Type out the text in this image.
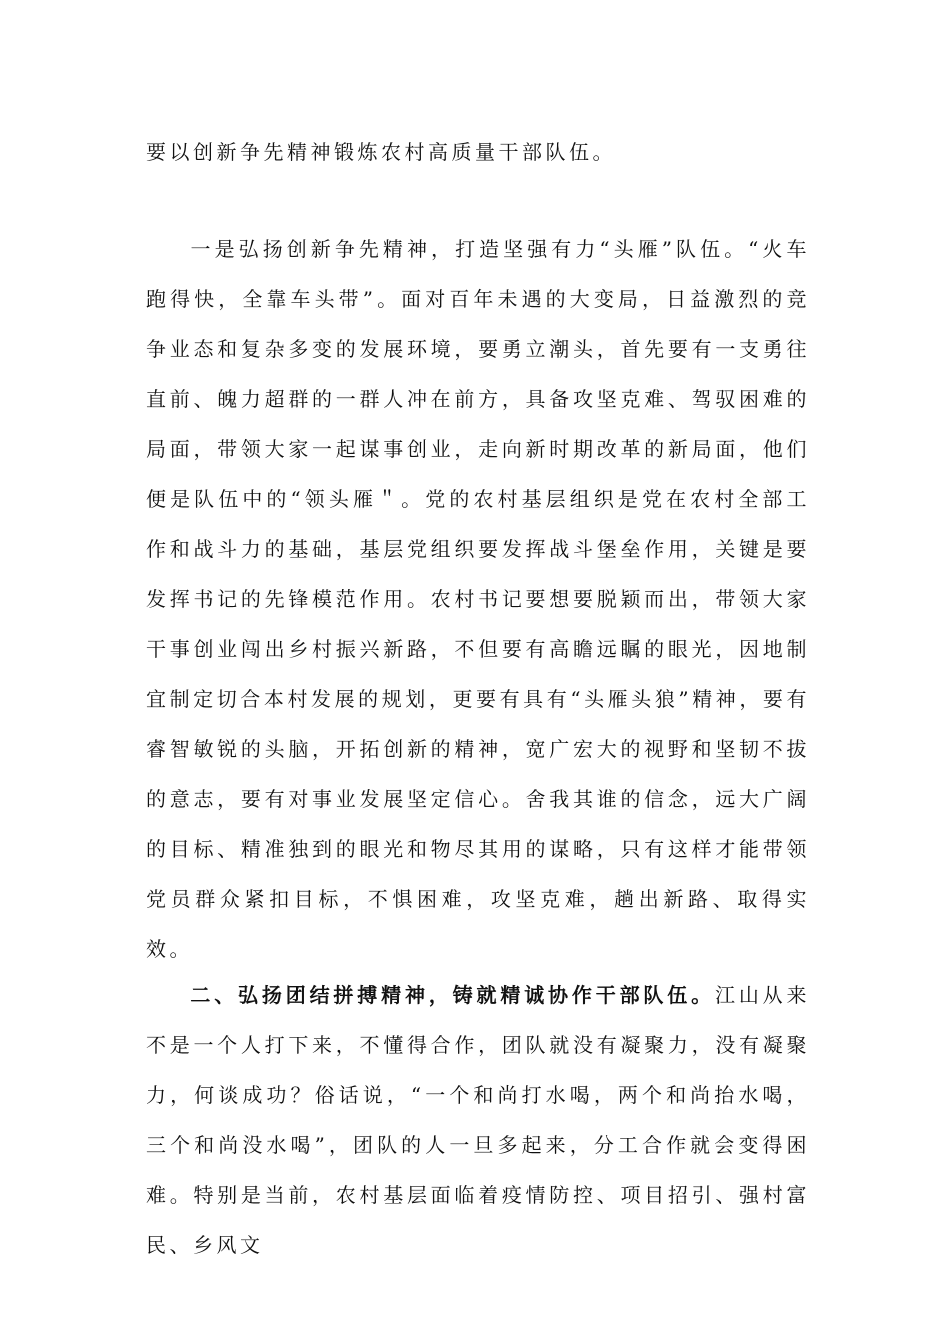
要以创新争先精神锻炼农村高质量干部队伍。

一是弘扬创新争先精神，打造坚强有力“头雁”队伍。“火车跑得快，全靠车头带”。面对百年未遇的大变局，日益激烈的竞争业态和复杂多变的发展环境，要勇立潮头，首先要有一支勇往直前、魄力超群的一群人冲在前方，具备攻坚克难、驾驭困难的局面，带领大家一起谋事创业，走向新时期改革的新局面，他们便是队伍中的“领头雁＂。党的农村基层组织是党在农村全部工作和战斗力的基础，基层党组织要发挥战斗堡垒作用，关键是要发挥书记的先锋模范作用。农村书记要想要脱颖而出，带领大家干事创业闯出乡村振兴新路，不但要有高瞻远瞩的眼光，因地制宜制定切合本村发展的规划，更要有具有“头雁头狼”精神，要有睿智敏锐的头脑，开拓创新的精神，宽广宏大的视野和坚韧不拔的意志，要有对事业发展坚定信心。舍我其谁的信念，远大广阔的目标、精准独到的眼光和物尽其用的谋略，只有这样才能带领党员群众紧扣目标，不惧困难，攻坚克难，趟出新路、取得实效。

二、弘扬团结拼搏精神，铸就精诚协作干部队伍。江山从来不是一个人打下来，不懂得合作，团队就没有凝聚力，没有凝聚力，何谈成功？俗话说，“一个和尚打水喝，两个和尚抬水喝，三个和尚没水喝”，团队的人一旦多起来，分工合作就会变得困难。特别是当前，农村基层面临着疫情防控、项目招引、强村富民、乡风文
